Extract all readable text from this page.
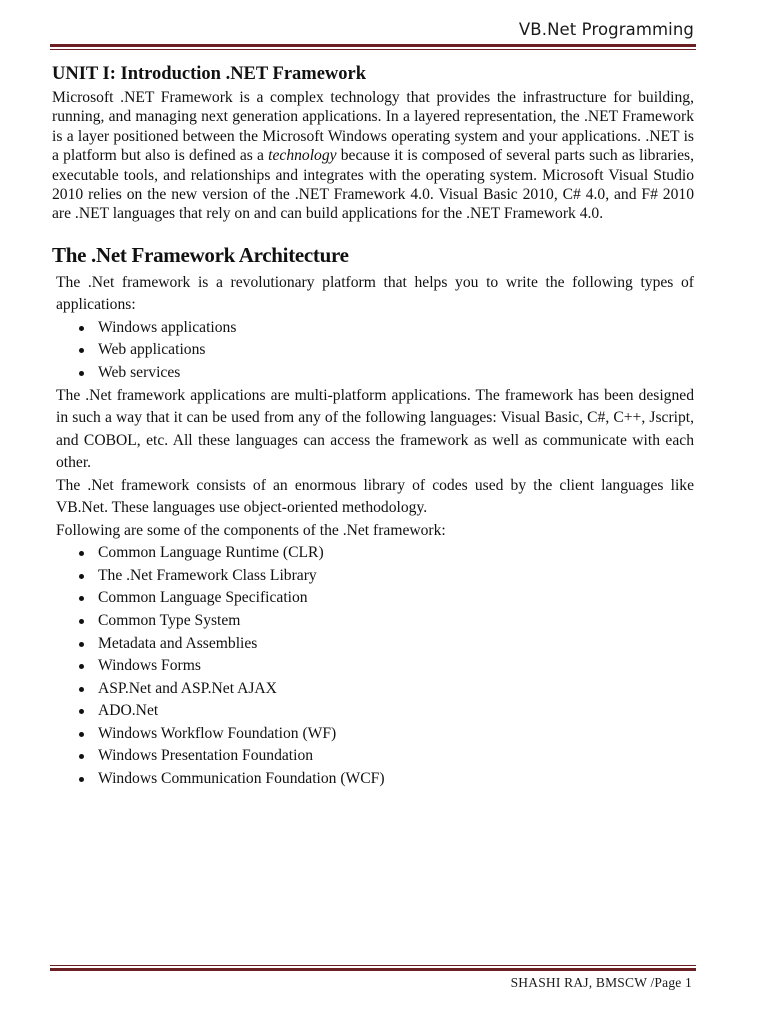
VB.Net Programming
UNIT I: Introduction .NET Framework

Microsoft .NET Framework is a complex technology that provides the infrastructure for building, running, and managing next generation applications. In a layered representation, the .NET Framework is a layer positioned between the Microsoft Windows operating system and your applications. .NET is a platform but also is defined as a technology because it is composed of several parts such as libraries, executable tools, and relationships and integrates with the operating system. Microsoft Visual Studio 2010 relies on the new version of the .NET Framework 4.0. Visual Basic 2010, C# 4.0, and F# 2010 are .NET languages that rely on and can build applications for the .NET Framework 4.0.

The .Net Framework Architecture

The .Net framework is a revolutionary platform that helps you to write the following types of applications:

Windows applications
Web applications
Web services

The .Net framework applications are multi-platform applications. The framework has been designed in such a way that it can be used from any of the following languages: Visual Basic, C#, C++, Jscript, and COBOL, etc. All these languages can access the framework as well as communicate with each other.

The .Net framework consists of an enormous library of codes used by the client languages like VB.Net. These languages use object-oriented methodology.

Following are some of the components of the .Net framework:

Common Language Runtime (CLR)
The .Net Framework Class Library
Common Language Specification
Common Type System
Metadata and Assemblies
Windows Forms
ASP.Net and ASP.Net AJAX
ADO.Net
Windows Workflow Foundation (WF)
Windows Presentation Foundation
Windows Communication Foundation (WCF)
SHASHI RAJ, BMSCW /Page 1
